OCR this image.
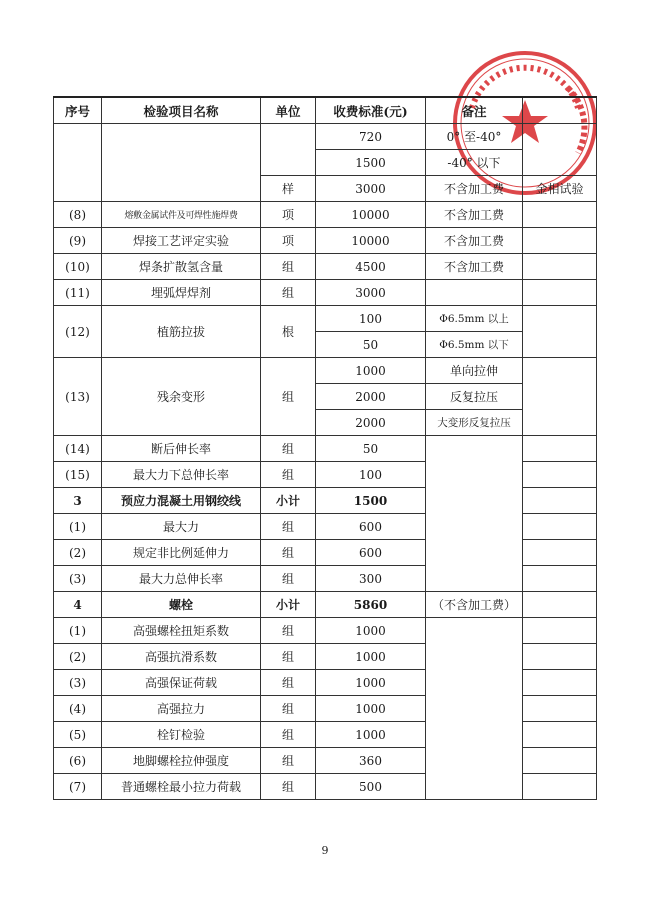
序号	检验项目名称	单位	收费标准(元)	备注	
			720	0° 至-40°	
			1500	-40° 以下	
		样	3000	不含加工费	金相试验
(8)	熔敷金属试件及可焊性施焊费	项	10000	不含加工费	
(9)	焊接工艺评定实验	项	10000	不含加工费	
(10)	焊条扩散氢含量	组	4500	不含加工费	
(11)	埋弧焊焊剂	组	3000		
(12)	植筋拉拔	根	100	Φ6.5mm 以上	
			50	Φ6.5mm 以下	
(13)	残余变形	组	1000	单向拉伸	
			2000	反复拉压	
			2000	大变形反复拉压	
(14)	断后伸长率	组	50		
(15)	最大力下总伸长率	组	100		
3	预应力混凝土用钢绞线	小计	1500		
(1)	最大力	组	600		
(2)	规定非比例延伸力	组	600		
(3)	最大力总伸长率	组	300		
4	螺栓	小计	5860	（不含加工费）	
(1)	高强螺栓扭矩系数	组	1000		
(2)	高强抗滑系数	组	1000		
(3)	高强保证荷载	组	1000		
(4)	高强拉力	组	1000		
(5)	栓钉检验	组	1000		
(6)	地脚螺栓拉伸强度	组	360		
(7)	普通螺栓最小拉力荷载	组	500		
9
